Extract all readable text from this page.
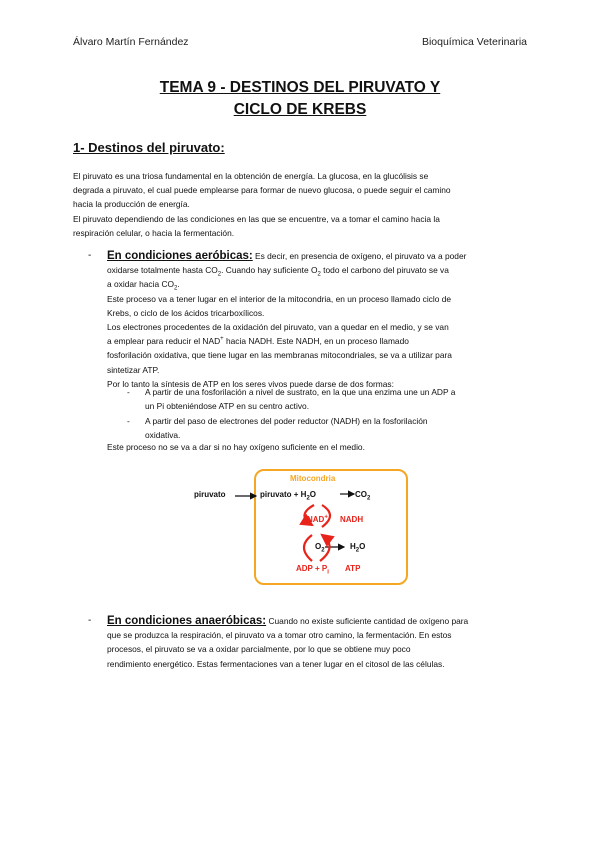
Álvaro Martín Fernández	Bioquímica Veterinaria
TEMA 9 - DESTINOS DEL PIRUVATO Y
CICLO DE KREBS
1- Destinos del piruvato:
El piruvato es una triosa fundamental en la obtención de energía. La glucosa, en la glucólisis se
degrada a piruvato, el cual puede emplearse para formar de nuevo glucosa, o puede seguir el camino
hacia la producción de energía.
El piruvato dependiendo de las condiciones en las que se encuentre, va a tomar el camino hacia la
respiración celular, o hacia la fermentación.
- En condiciones aeróbicas: Es decir, en presencia de oxígeno, el piruvato va a poder
oxidarse totalmente hasta $CO_2$. Cuando hay suficiente $O_2$ todo el carbono del piruvato se va
a oxidar hacia $CO_2$.
Este proceso va a tener lugar en el interior de la mitocondria, en un proceso llamado ciclo de
Krebs, o ciclo de los ácidos tricarboxílicos.
Los electrones procedentes de la oxidación del piruvato, van a quedar en el medio, y se van
a emplear para reducir el NAD+ hacia NADH. Este NADH, en un proceso llamado
fosforilación oxidativa, que tiene lugar en las membranas mitocondriales, se va a utilizar para
sintetizar ATP.
Por lo tanto la síntesis de ATP en los seres vivos puede darse de dos formas:
- A partir de una fosforilación a nivel de sustrato, en la que una enzima une un ADP a
un Pi obteniéndose ATP en su centro activo.
- A partir del paso de electrones del poder reductor (NADH) en la fosforilación
oxidativa.
Este proceso no se va a dar si no hay oxígeno suficiente en el medio.
Mitocondria
piruvato	piruvato + $H_2O$	$CO_2$
NAD+ NADH
$O_2$	$H_2O$
ADP + $P_i$ ATP
- En condiciones anaeróbicas: Cuando no existe suficiente cantidad de oxígeno para
que se produzca la respiración, el piruvato va a tomar otro camino, la fermentación. En estos
procesos, el piruvato se va a oxidar parcialmente, por lo que se obtiene muy poco
rendimiento energético. Estas fermentaciones van a tener lugar en el citosol de las células.
